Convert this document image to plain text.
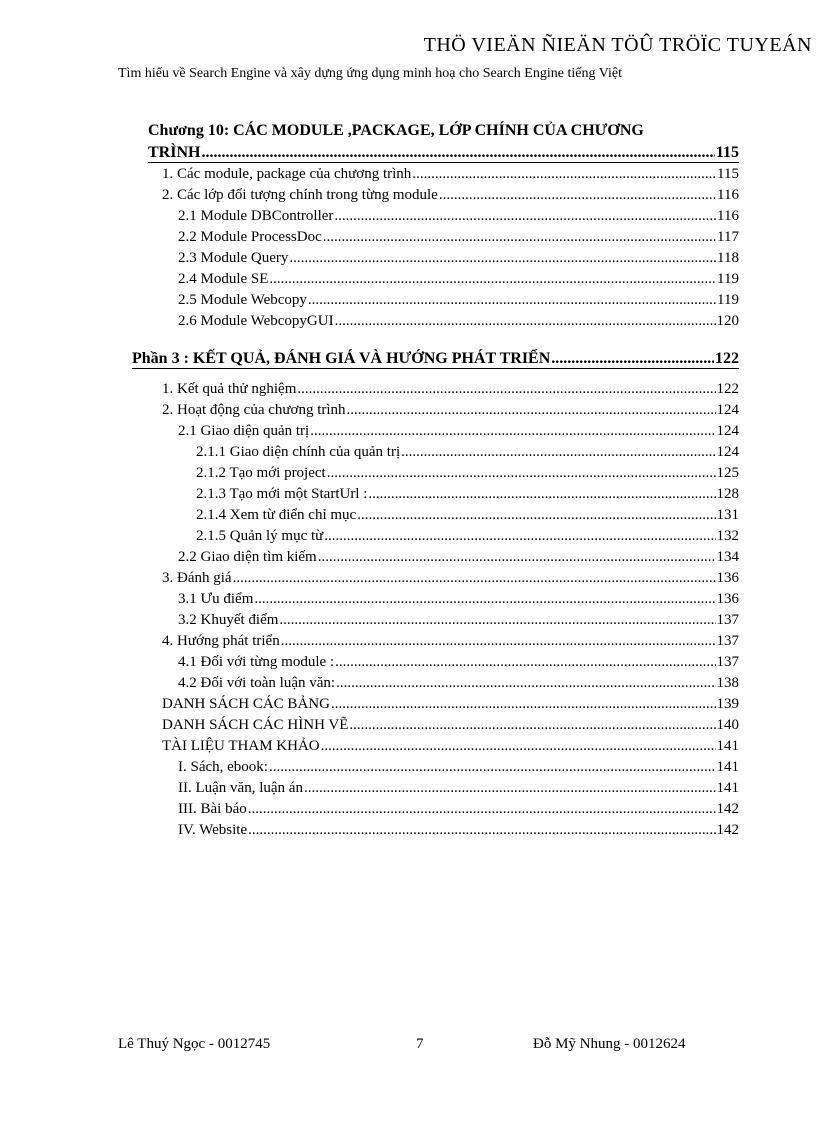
THÖ VIEÄN ÑIEÄN TÖÛ TRÖÏC TUYEÁN
Tìm hiểu về Search Engine và xây dựng ứng dụng minh hoạ cho Search Engine tiếng Việt
Chương 10: CÁC MODULE ,PACKAGE, LỚP CHÍNH CỦA CHƯƠNG
TRÌNH .....	115
1. Các module, package của chương trình .....	115
2. Các lớp đối tượng chính trong từng module .....	116
2.1 Module DBController .....	116
2.2 Module ProcessDoc .....	117
2.3 Module Query .....	118
2.4 Module SE .....	119
2.5 Module Webcopy .....	119
2.6 Module WebcopyGUI .....	120
Phần 3 : KẾT QUẢ, ĐÁNH GIÁ VÀ HƯỚNG PHÁT TRIỂN .....	122
1. Kết quả thử nghiệm .....	122
2. Hoạt động của chương trình .....	124
2.1 Giao diện quản trị .....	124
2.1.1 Giao diện chính của quản trị .....	124
2.1.2 Tạo mới project .....	125
2.1.3 Tạo mới một StartUrl : .....	128
2.1.4 Xem từ điển chỉ mục .....	131
2.1.5 Quản lý mục từ .....	132
2.2 Giao diện tìm kiếm .....	134
3. Đánh giá .....	136
3.1 Ưu điểm .....	136
3.2 Khuyết điểm .....	137
4. Hướng phát triển .....	137
4.1 Đối với từng module : .....	137
4.2 Đối với toàn luận văn: .....	138
DANH SÁCH CÁC BẢNG .....	139
DANH SÁCH CÁC HÌNH VẼ .....	140
TÀI LIỆU THAM KHẢO .....	141
I. Sách, ebook: .....	141
II. Luận văn, luận án .....	141
III. Bài báo .....	142
IV. Website .....	142
Lê Thuý Ngọc - 0012745	7	Đỗ Mỹ Nhung - 0012624
